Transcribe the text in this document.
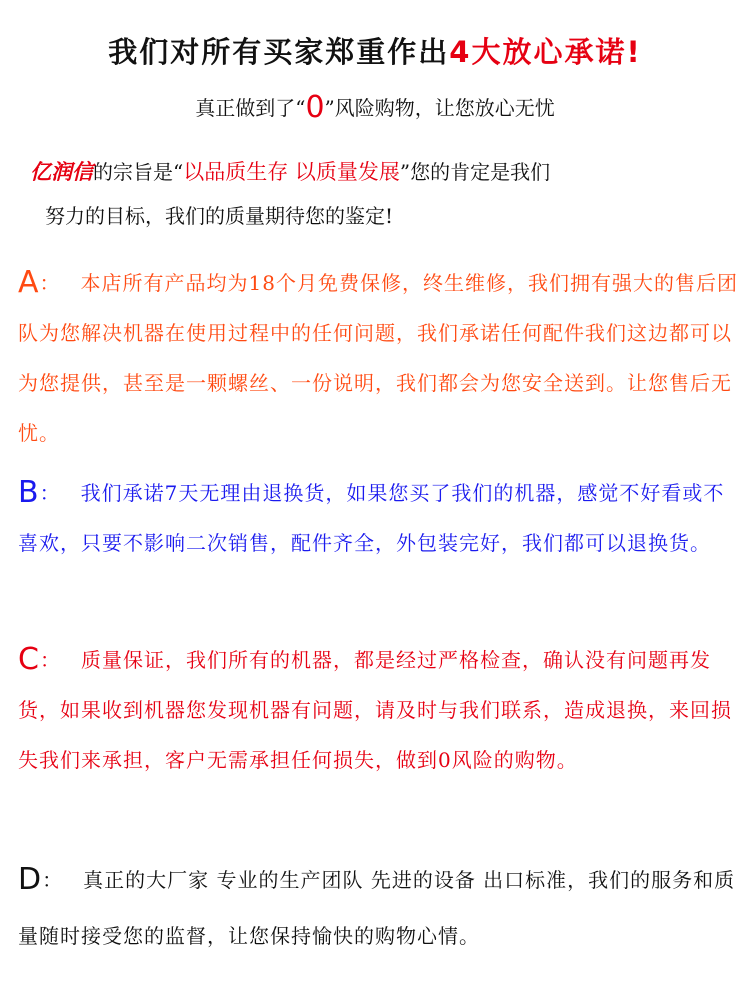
我们对所有买家郑重作出4大放心承诺!
真正做到了“0”风险购物，让您放心无忧
亿润信的宗旨是“以品质生存 以质量发展”您的肯定是我们
努力的目标，我们的质量期待您的鉴定!
A： 本店所有产品均为18个月免费保修，终生维修，我们拥有强大的售后团队为您解决机器在使用过程中的任何问题，我们承诺任何配件我们这边都可以为您提供，甚至是一颗螺丝、一份说明，我们都会为您安全送到。让您售后无忧。
B： 我们承诺7天无理由退换货，如果您买了我们的机器，感觉不好看或不喜欢，只要不影响二次销售，配件齐全，外包装完好，我们都可以退换货。
C： 质量保证，我们所有的机器，都是经过严格检查，确认没有问题再发货，如果收到机器您发现机器有问题，请及时与我们联系，造成退换，来回损失我们来承担，客户无需承担任何损失，做到0风险的购物。
D： 真正的大厂家 专业的生产团队 先进的设备 出口标准，我们的服务和质量随时接受您的监督，让您保持愉快的购物心情。
